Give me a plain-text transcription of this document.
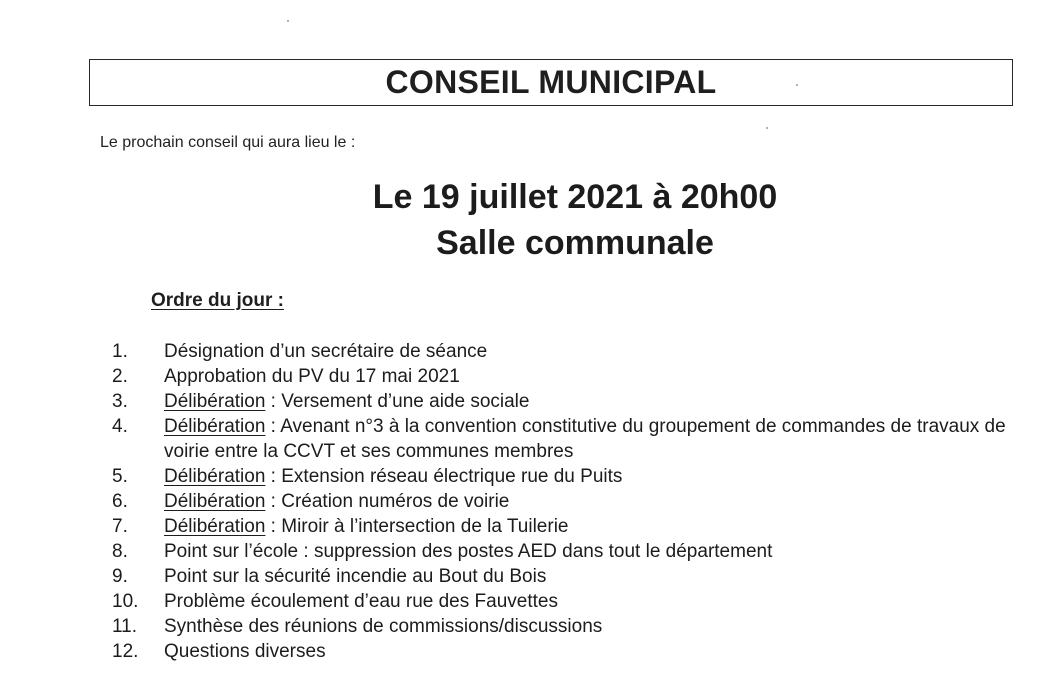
CONSEIL MUNICIPAL
Le prochain conseil qui aura lieu le :
Le 19 juillet 2021 à 20h00
Salle communale
Ordre du jour :
1.	Désignation d’un secrétaire de séance
2.	Approbation du PV du 17 mai 2021
3.	Délibération : Versement d’une aide sociale
4.	Délibération : Avenant n°3 à la convention constitutive du groupement de commandes de travaux de voirie entre la CCVT et ses communes membres
5.	Délibération : Extension réseau électrique rue du Puits
6.	Délibération : Création numéros de voirie
7.	Délibération : Miroir à l’intersection de la Tuilerie
8.	Point sur l’école : suppression des postes AED dans tout le département
9.	Point sur la sécurité incendie au Bout du Bois
10.	Problème écoulement d’eau rue des Fauvettes
11.	Synthèse des réunions de commissions/discussions
12.	Questions diverses
